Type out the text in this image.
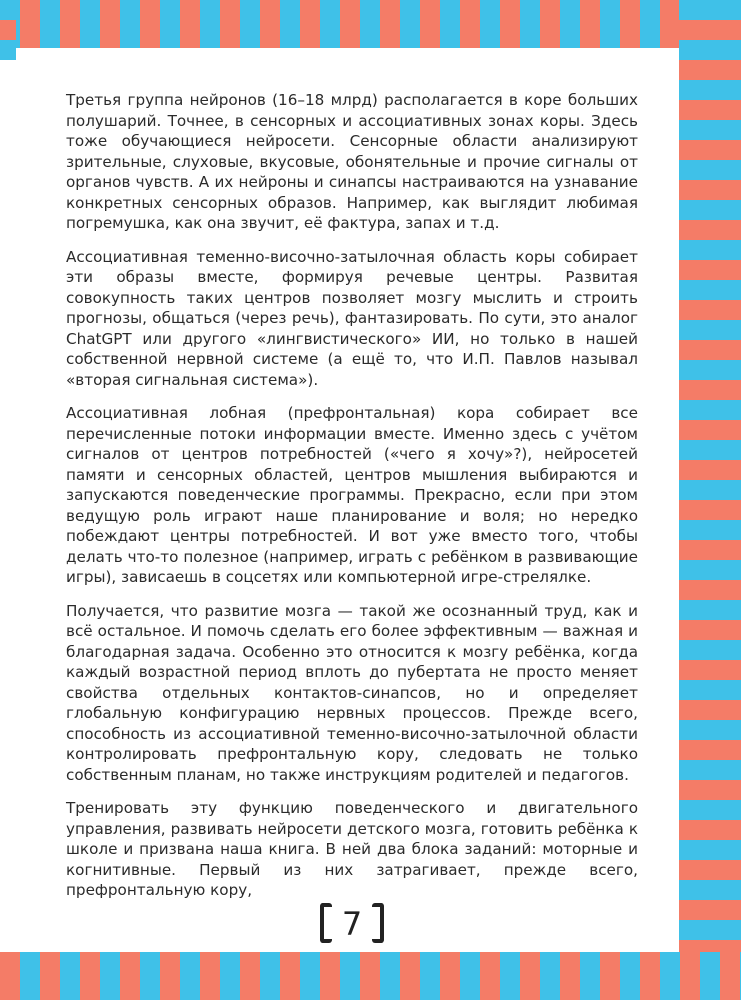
Третья группа нейронов (16–18 млрд) располагается в коре больших полушарий. Точнее, в сенсорных и ассоциативных зонах коры. Здесь тоже обучающиеся нейросети. Сенсорные области анализируют зрительные, слуховые, вкусовые, обонятельные и прочие сигналы от органов чувств. А их нейроны и синапсы настраиваются на узнавание конкретных сенсорных образов. Например, как выглядит любимая погремушка, как она звучит, её фактура, запах и т.д.

Ассоциативная теменно-височно-затылочная область коры собирает эти образы вместе, формируя речевые центры. Развитая совокупность таких центров позволяет мозгу мыслить и строить прогнозы, общаться (через речь), фантазировать. По сути, это аналог ChatGPT или другого «лингвистического» ИИ, но только в нашей собственной нервной системе (а ещё то, что И.П. Павлов называл «вторая сигнальная система»).

Ассоциативная лобная (префронтальная) кора собирает все перечисленные потоки информации вместе. Именно здесь с учётом сигналов от центров потребностей («чего я хочу»?), нейросетей памяти и сенсорных областей, центров мышления выбираются и запускаются поведенческие программы. Прекрасно, если при этом ведущую роль играют наше планирование и воля; но нередко побеждают центры потребностей. И вот уже вместо того, чтобы делать что-то полезное (например, играть с ребёнком в развивающие игры), зависаешь в соцсетях или компьютерной игре-стрелялке.

Получается, что развитие мозга — такой же осознанный труд, как и всё остальное. И помочь сделать его более эффективным — важная и благодарная задача. Особенно это относится к мозгу ребёнка, когда каждый возрастной период вплоть до пубертата не просто меняет свойства отдельных контактов-синапсов, но и определяет глобальную конфигурацию нервных процессов. Прежде всего, способность из ассоциативной теменно-височно-затылочной области контролировать префронтальную кору, следовать не только собственным планам, но также инструкциям родителей и педагогов.

Тренировать эту функцию поведенческого и двигательного управления, развивать нейросети детского мозга, готовить ребёнка к школе и призвана наша книга. В ней два блока заданий: моторные и когнитивные. Первый из них затрагивает, прежде всего, префронтальную кору,

7
